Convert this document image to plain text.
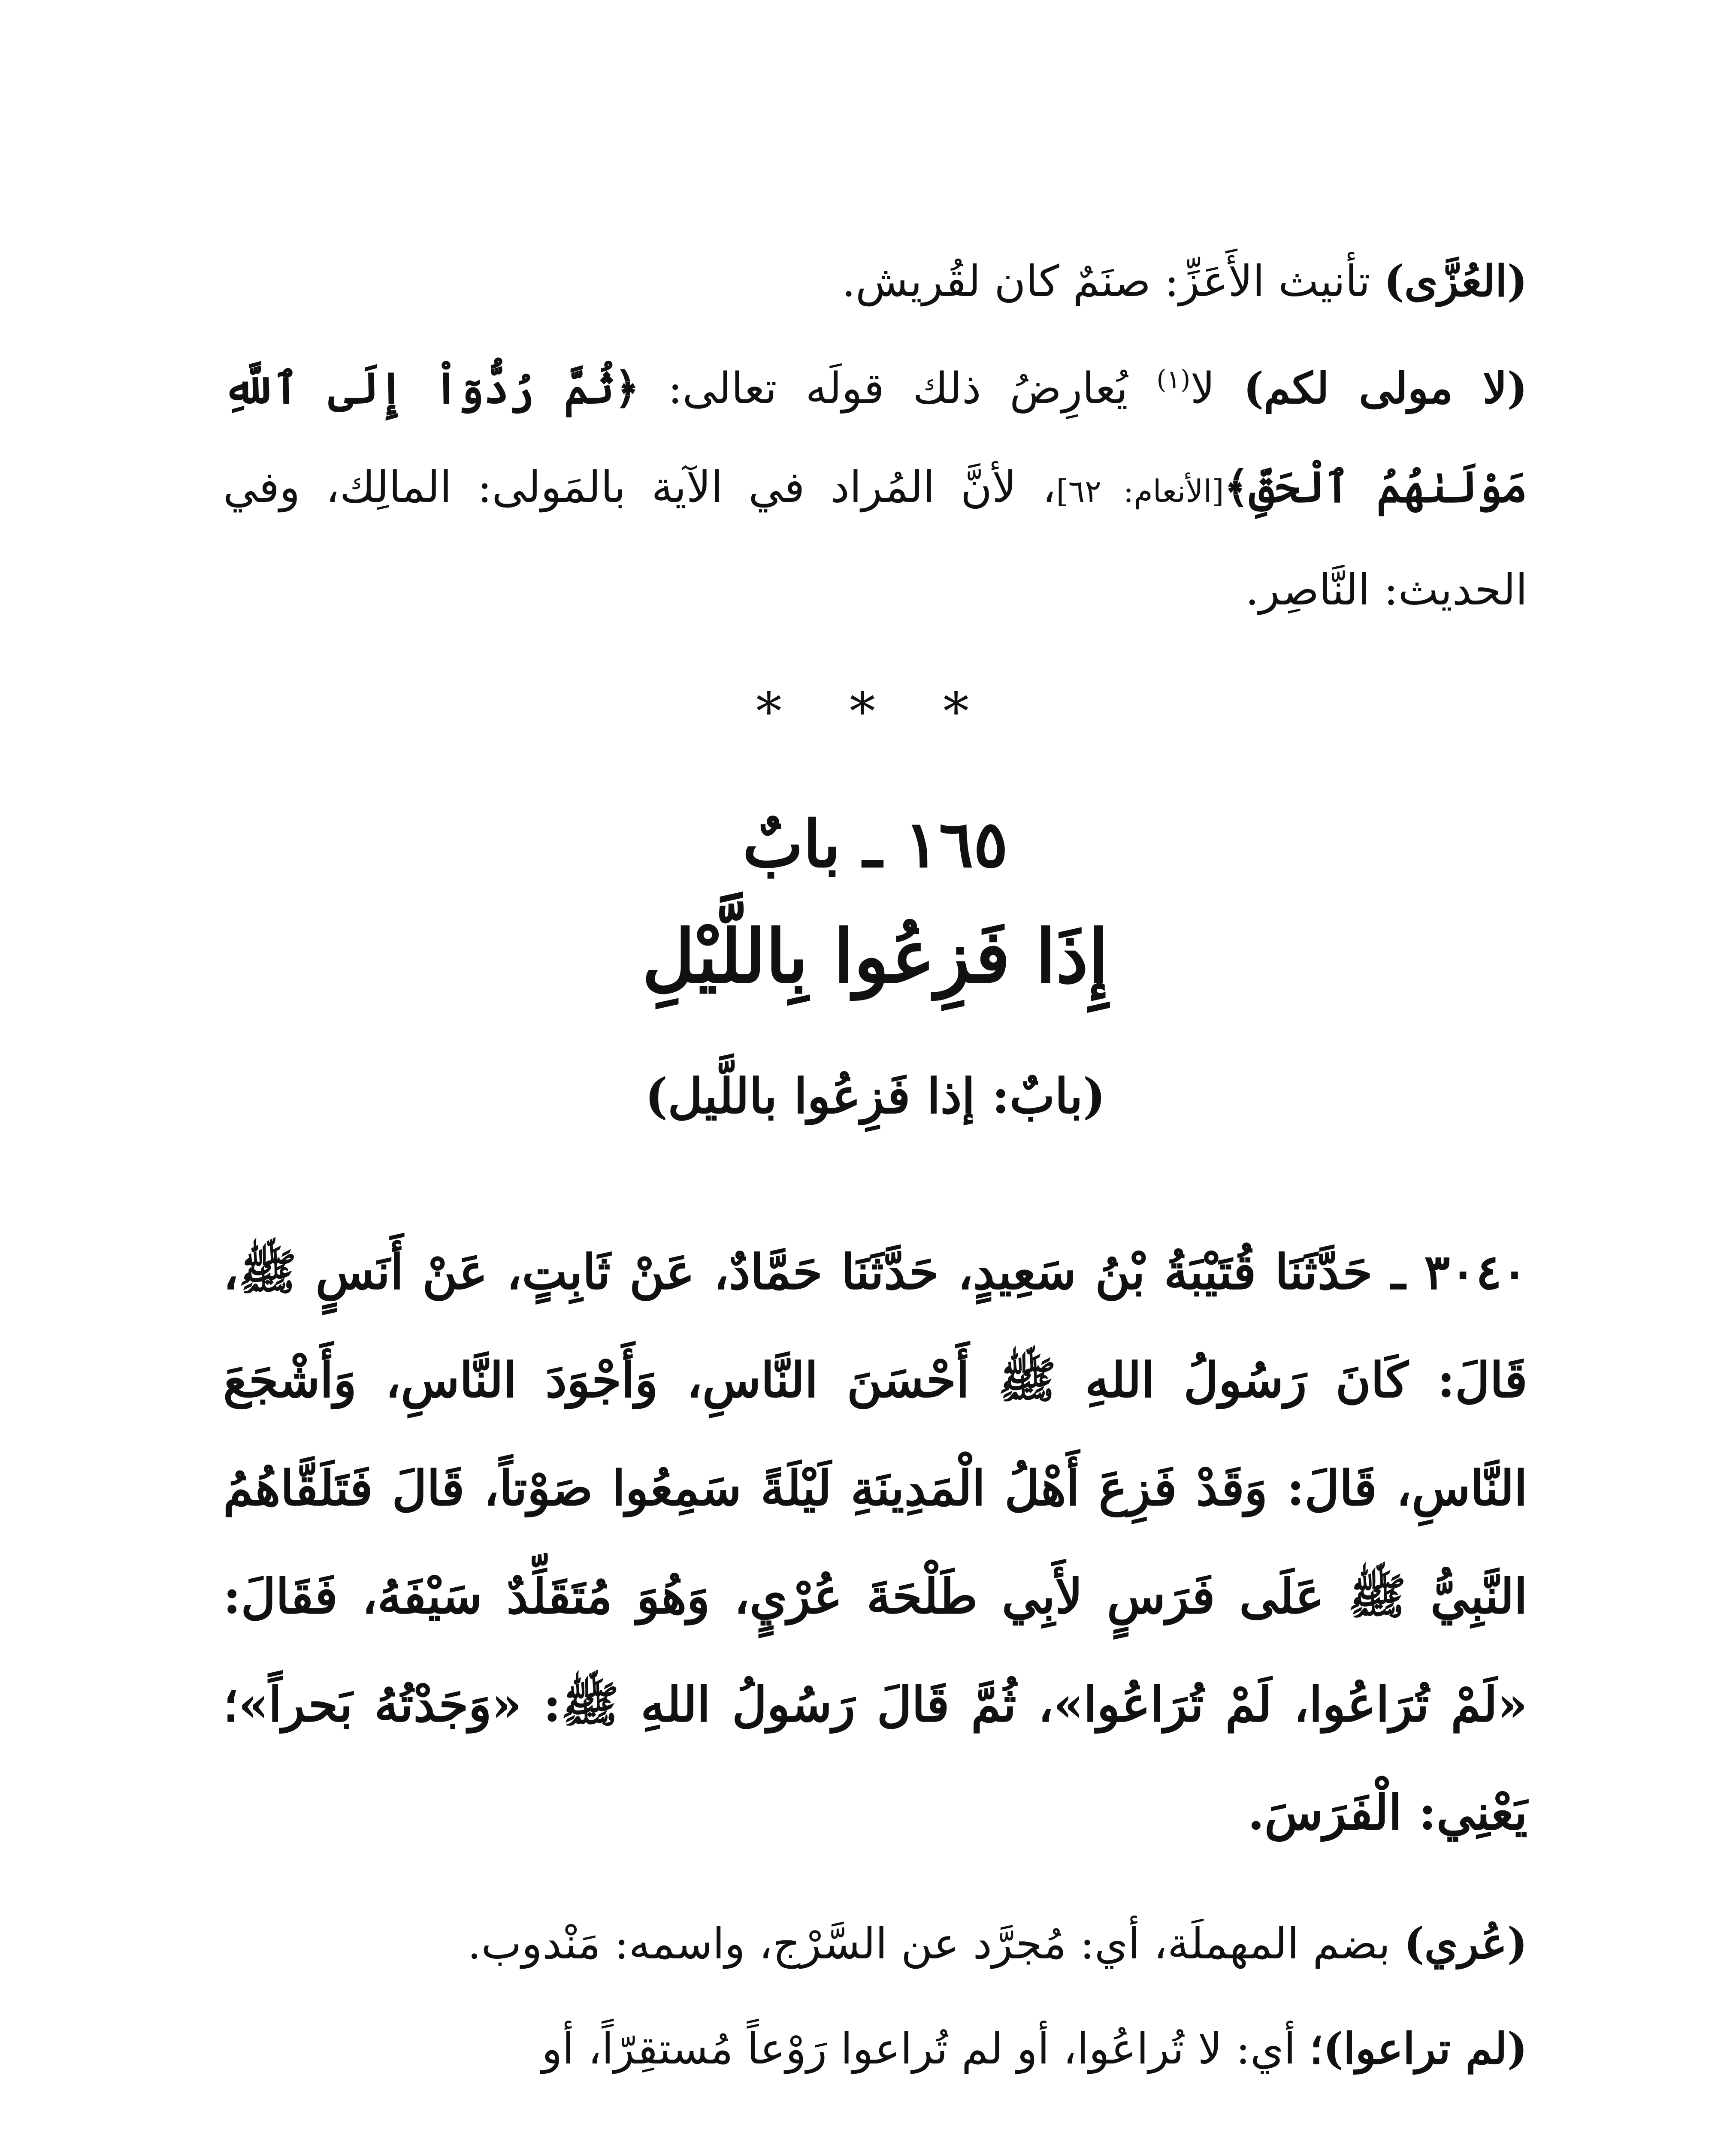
(العُزَّى) تأنيث الأَعَزِّ: صنَمٌ كان لقُريش.

(لا مولى لكم) لا$^{(١)}$ يُعارِضُ ذلك قولَه تعالى: ﴿ثُمَّ رُدُّوٓاْ إِلَى ٱللَّهِ مَوْلَىٰهُمُ ٱلْحَقِّ﴾[الأنعام: ٦٢]، لأنَّ المُراد في الآية بالمَولى: المالِك، وفي الحديث: النَّاصِر.

* * *
١٦٥ ـ بابٌ
إِذَا فَزِعُوا بِاللَّيْلِ
(بابٌ: إذا فَزِعُوا باللَّيل)

٣٠٤٠ ـ حَدَّثَنَا قُتَيْبَةُ بْنُ سَعِيدٍ، حَدَّثَنَا حَمَّادٌ، عَنْ ثَابِتٍ، عَنْ أَنَسٍ ﷺ، قَالَ: كَانَ رَسُولُ اللهِ ﷺ أَحْسَنَ النَّاسِ، وَأَجْوَدَ النَّاسِ، وَأَشْجَعَ النَّاسِ، قَالَ: وَقَدْ فَزِعَ أَهْلُ الْمَدِينَةِ لَيْلَةً سَمِعُوا صَوْتاً، قَالَ فَتَلَقَّاهُمُ النَّبِيُّ ﷺ عَلَى فَرَسٍ لأَبِي طَلْحَةَ عُرْيٍ، وَهُوَ مُتَقَلِّدٌ سَيْفَهُ، فَقَالَ: «لَمْ تُرَاعُوا، لَمْ تُرَاعُوا»، ثُمَّ قَالَ رَسُولُ اللهِ ﷺ: «وَجَدْتُهُ بَحراً»؛ يَعْنِي: الْفَرَسَ.

(عُري) بضم المهملَة، أي: مُجرَّد عن السَّرْج، واسمه: مَنْدوب.

(لم تراعوا)؛ أي: لا تُراعُوا، أو لم تُراعوا رَوْعاً مُستقِرّاً، أو
